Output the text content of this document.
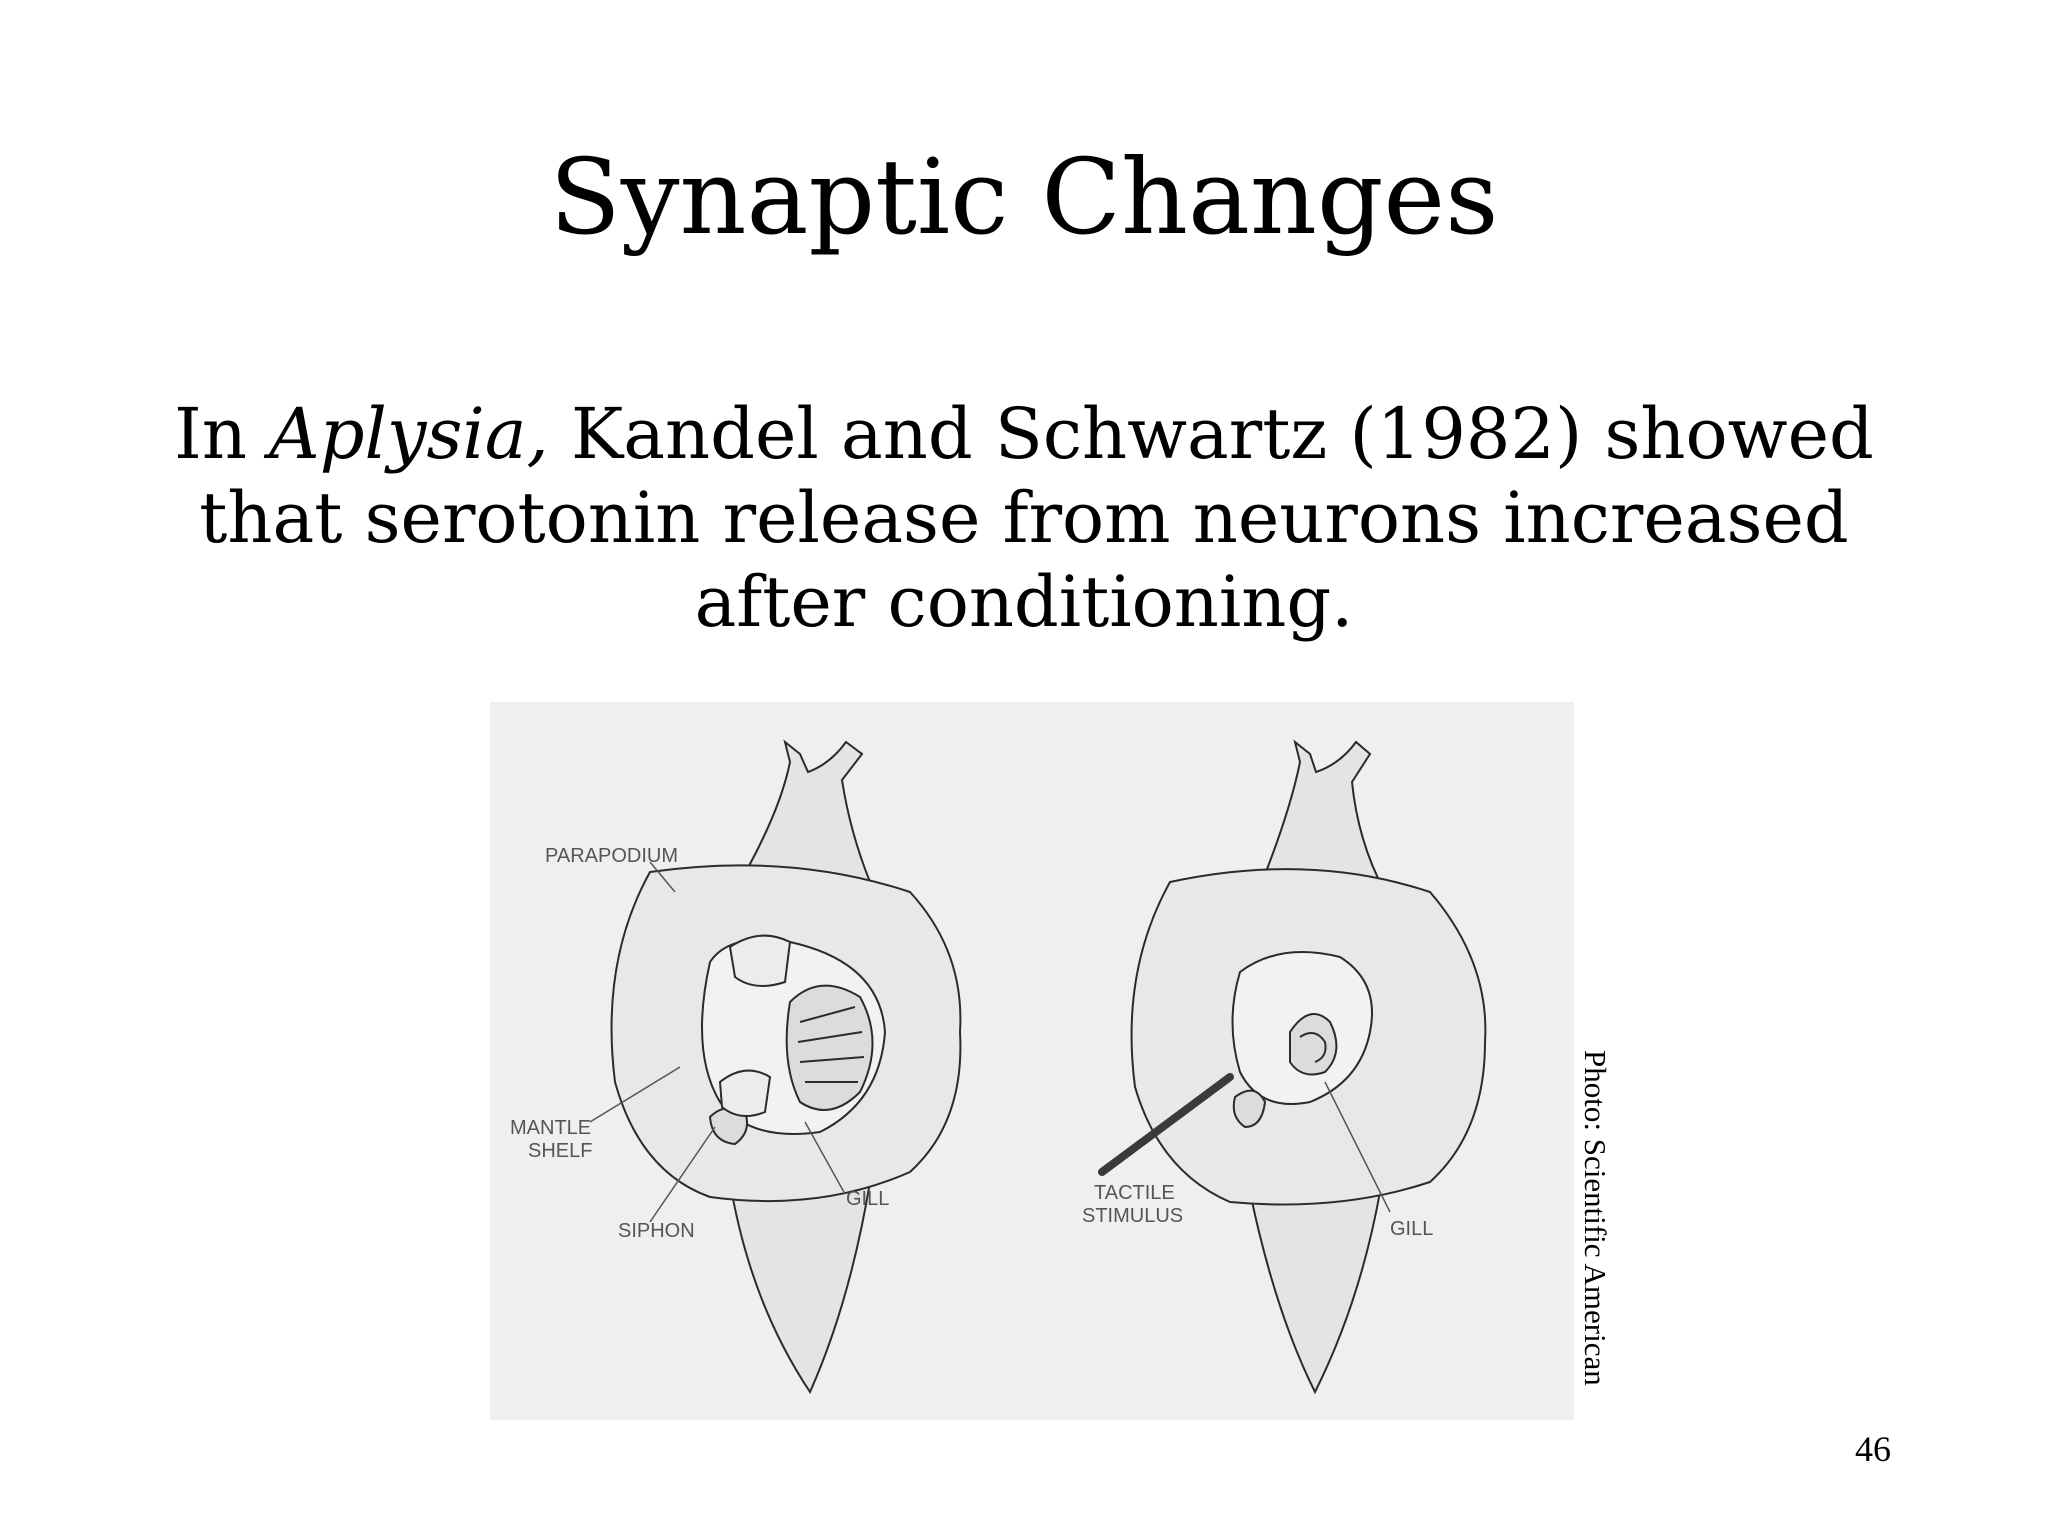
Synaptic Changes

In Aplysia, Kandel and Schwartz (1982) showed that serotonin release from neurons increased after conditioning.

PARAPODIUM
MANTLE
SHELF
SIPHON
GILL	TACTILE
STIMULUS
GILL	Photo: Scientific American
46
